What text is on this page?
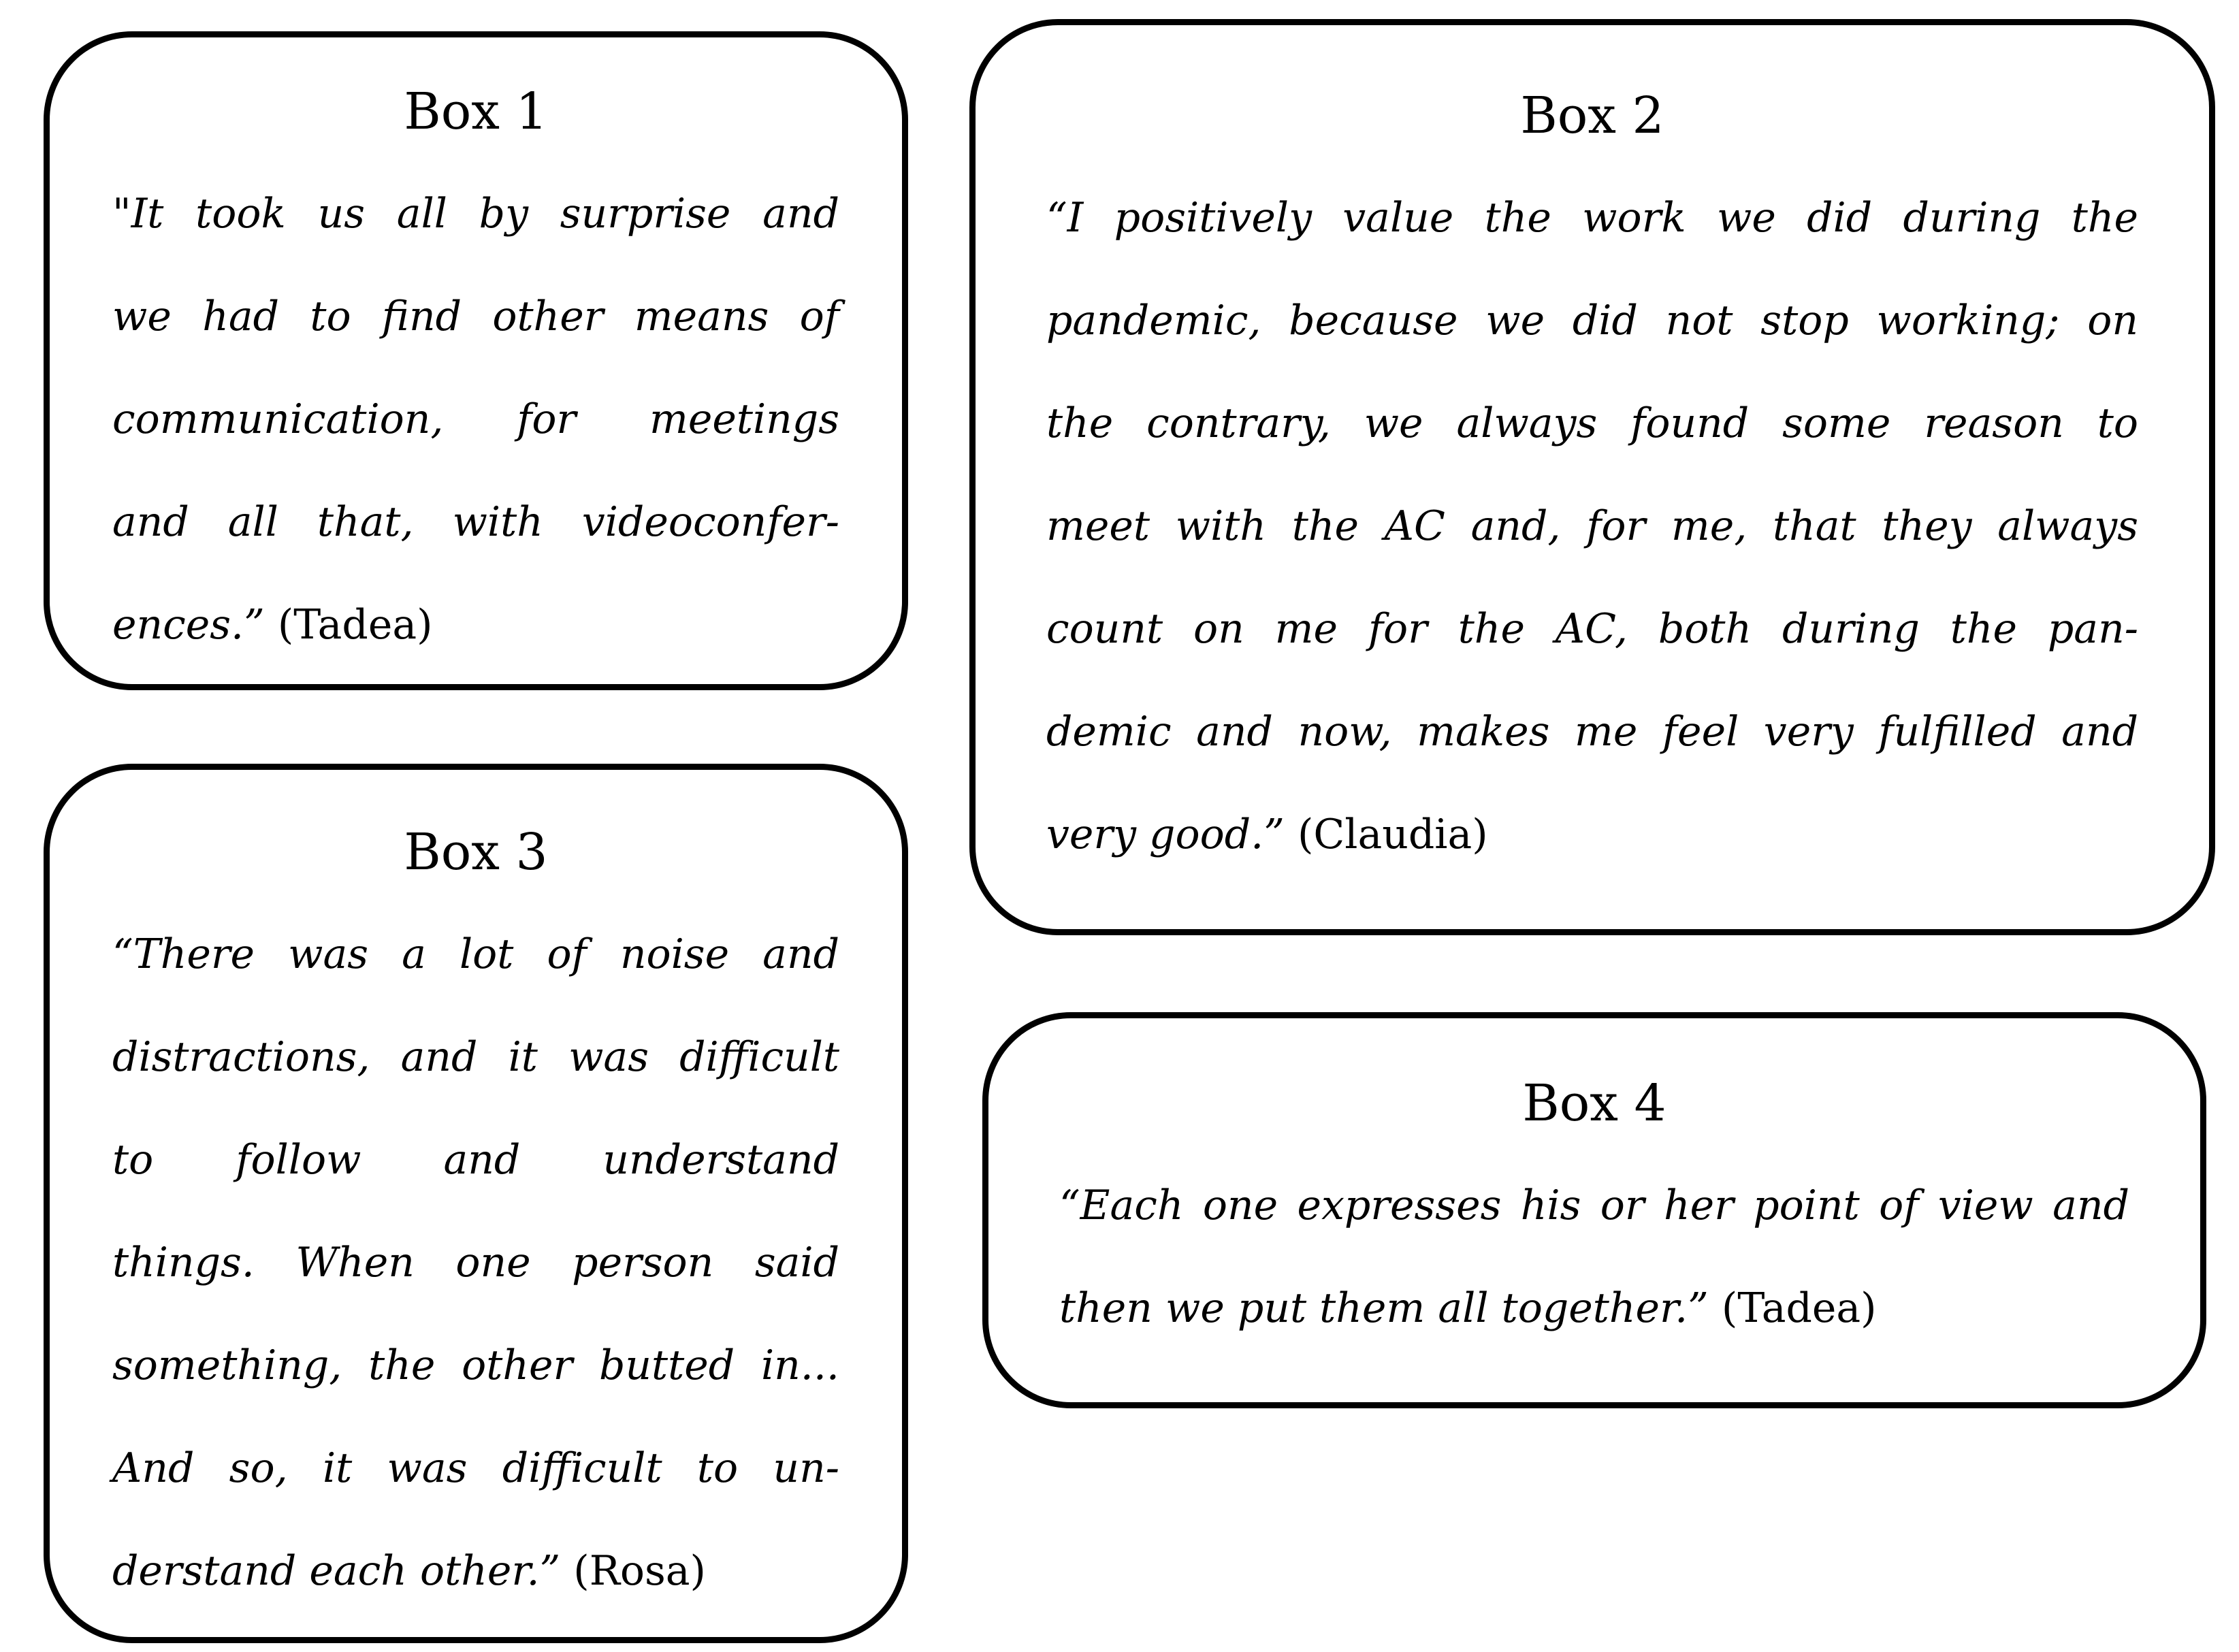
Box 1
"It took us all by surprise and
we had to find other means of
communication, for meetings
and all that, with videoconfer-
ences.” (Tadea)
Box 2
“I positively value the work we did during the
pandemic, because we did not stop working; on
the contrary, we always found some reason to
meet with the AC and, for me, that they always
count on me for the AC, both during the pan-
demic and now, makes me feel very fulfilled and
very good.” (Claudia)
Box 3
“There was a lot of noise and
distractions, and it was difficult
to follow and understand
things. When one person said
something, the other butted in...
And so, it was difficult to un-
derstand each other.” (Rosa)
Box 4
“Each one expresses his or her point of view and
then we put them all together.” (Tadea)
